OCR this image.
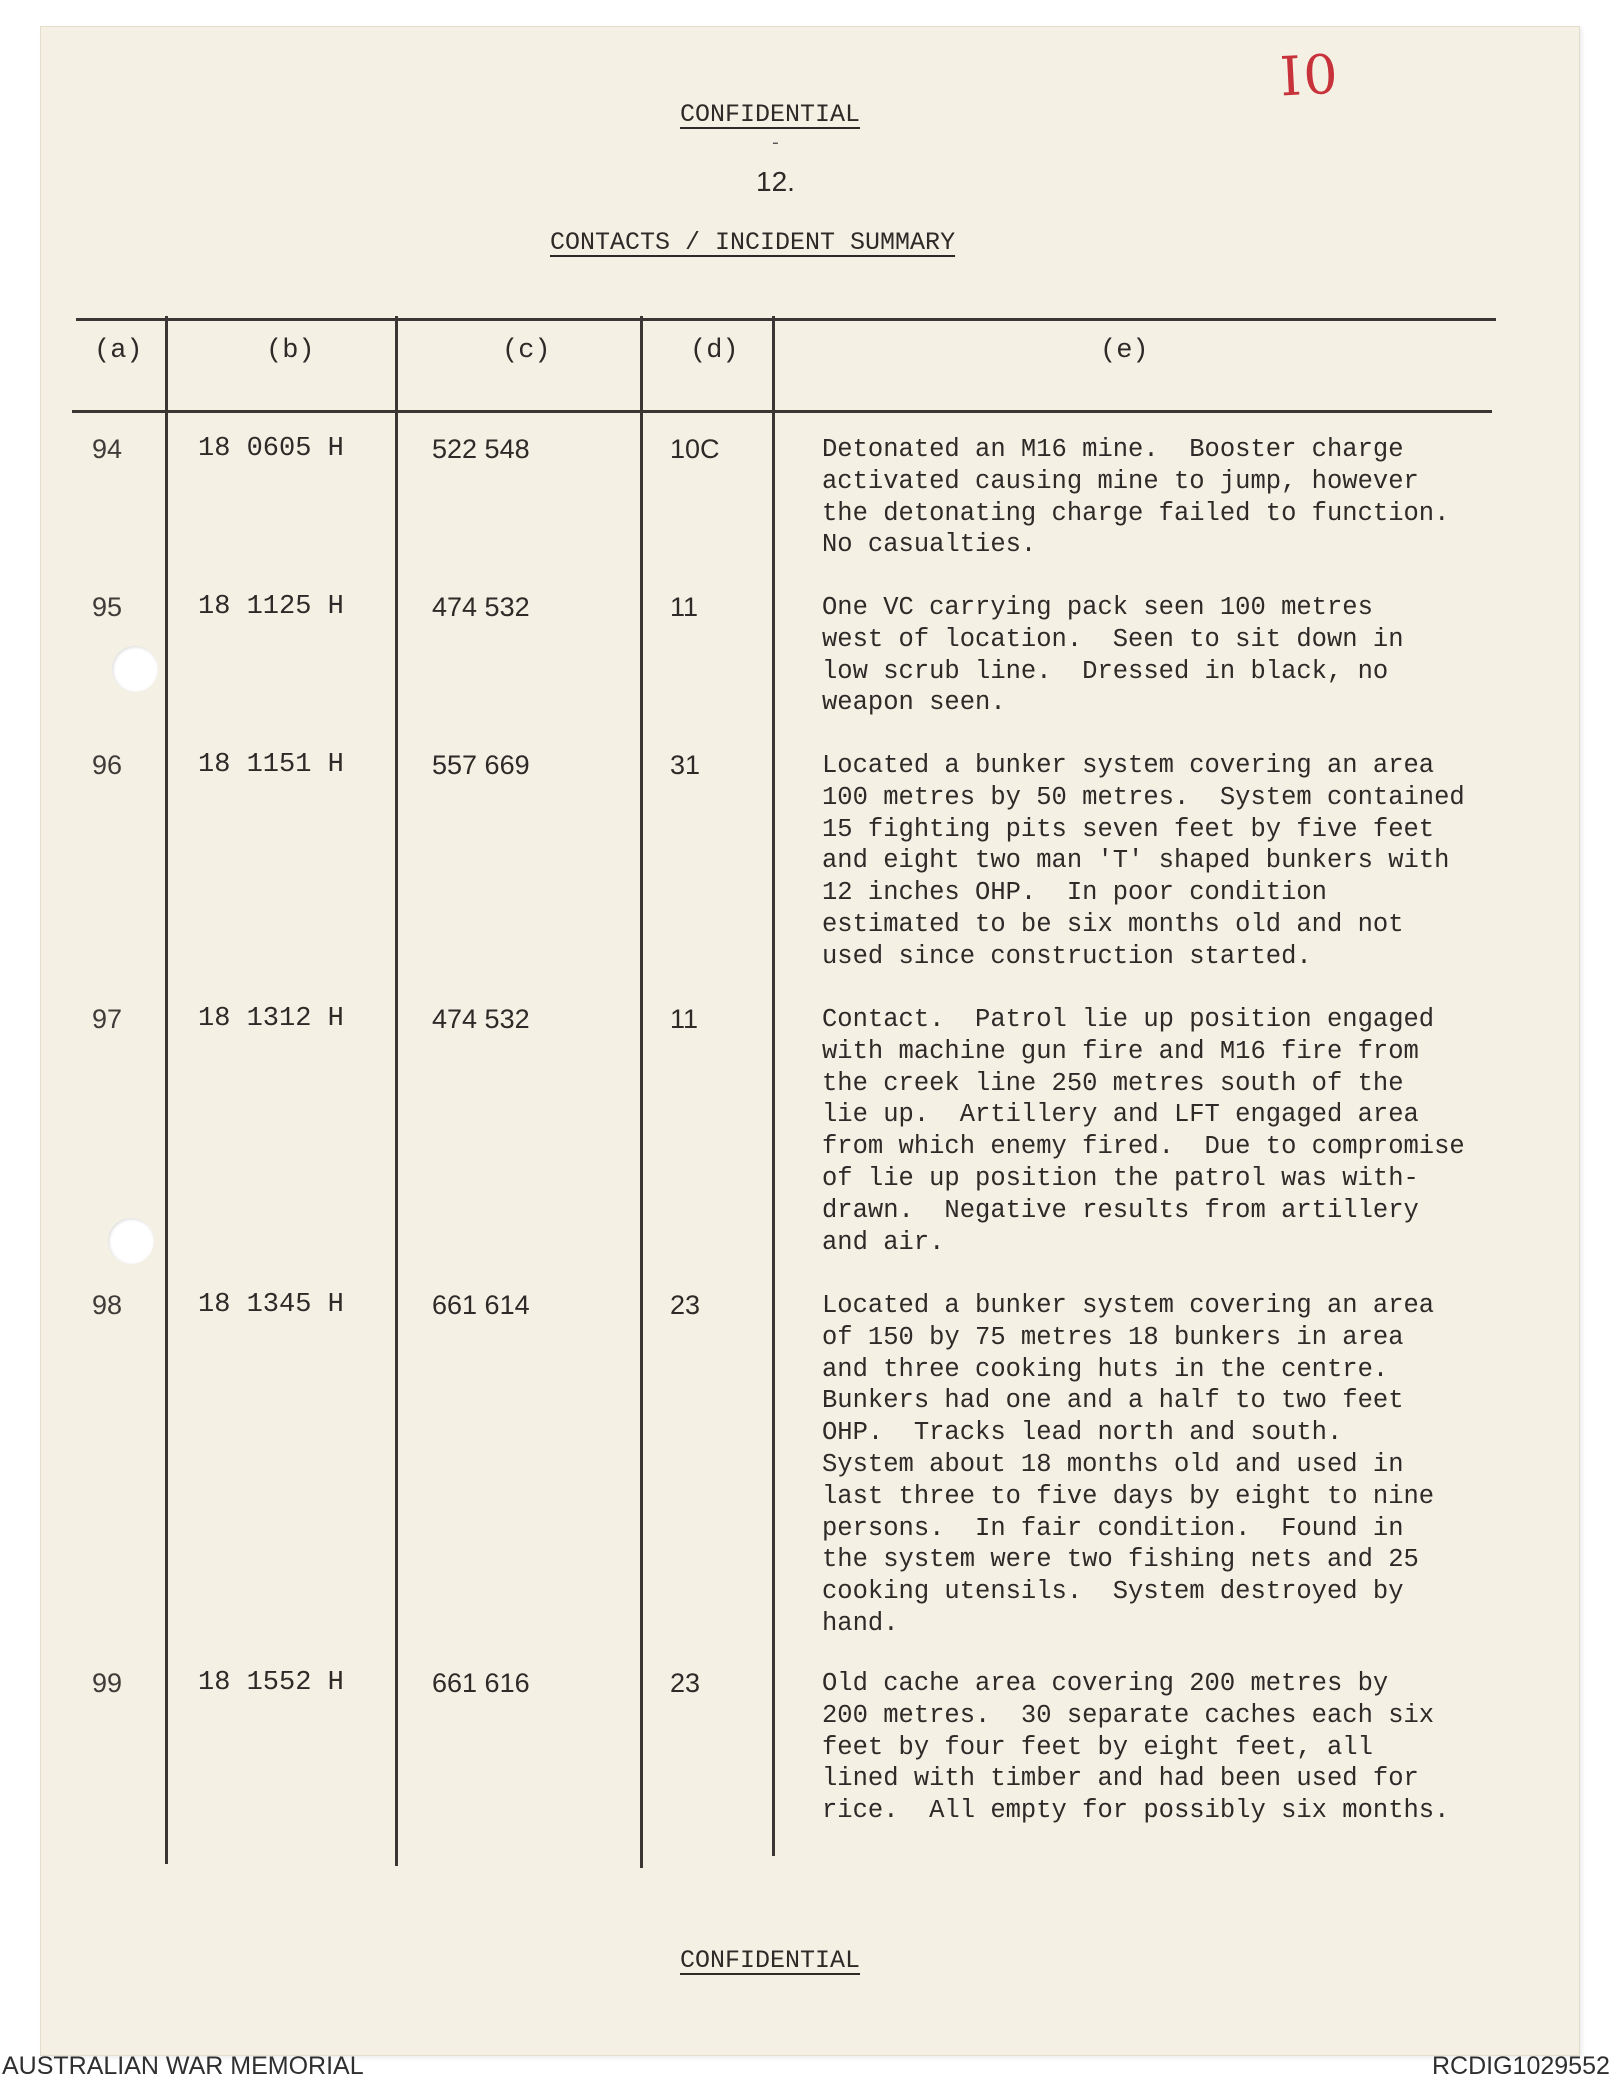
I0
CONFIDENTIAL
-
12.
CONTACTS / INCIDENT SUMMARY
(a)	(b)	(c)	(d)	(e)
94	18 0605 H	522 548	10C	Detonated an M16 mine.  Booster charge
activated causing mine to jump, however
the detonating charge failed to function.
No casualties.
95	18 1125 H	474 532	11	One VC carrying pack seen 100 metres
west of location.  Seen to sit down in
low scrub line.  Dressed in black, no
weapon seen.
96	18 1151 H	557 669	31	Located a bunker system covering an area
100 metres by 50 metres.  System contained
15 fighting pits seven feet by five feet
and eight two man 'T' shaped bunkers with
12 inches OHP.  In poor condition
estimated to be six months old and not
used since construction started.
97	18 1312 H	474 532	11	Contact.  Patrol lie up position engaged
with machine gun fire and M16 fire from
the creek line 250 metres south of the
lie up.  Artillery and LFT engaged area
from which enemy fired.  Due to compromise
of lie up position the patrol was with-
drawn.  Negative results from artillery
and air.
98	18 1345 H	661 614	23	Located a bunker system covering an area
of 150 by 75 metres 18 bunkers in area
and three cooking huts in the centre.
Bunkers had one and a half to two feet
OHP.  Tracks lead north and south.
System about 18 months old and used in
last three to five days by eight to nine
persons.  In fair condition.  Found in
the system were two fishing nets and 25
cooking utensils.  System destroyed by
hand.
99	18 1552 H	661 616	23	Old cache area covering 200 metres by
200 metres.  30 separate caches each six
feet by four feet by eight feet, all
lined with timber and had been used for
rice.  All empty for possibly six months.
CONFIDENTIAL
AUSTRALIAN WAR MEMORIAL	RCDIG1029552
